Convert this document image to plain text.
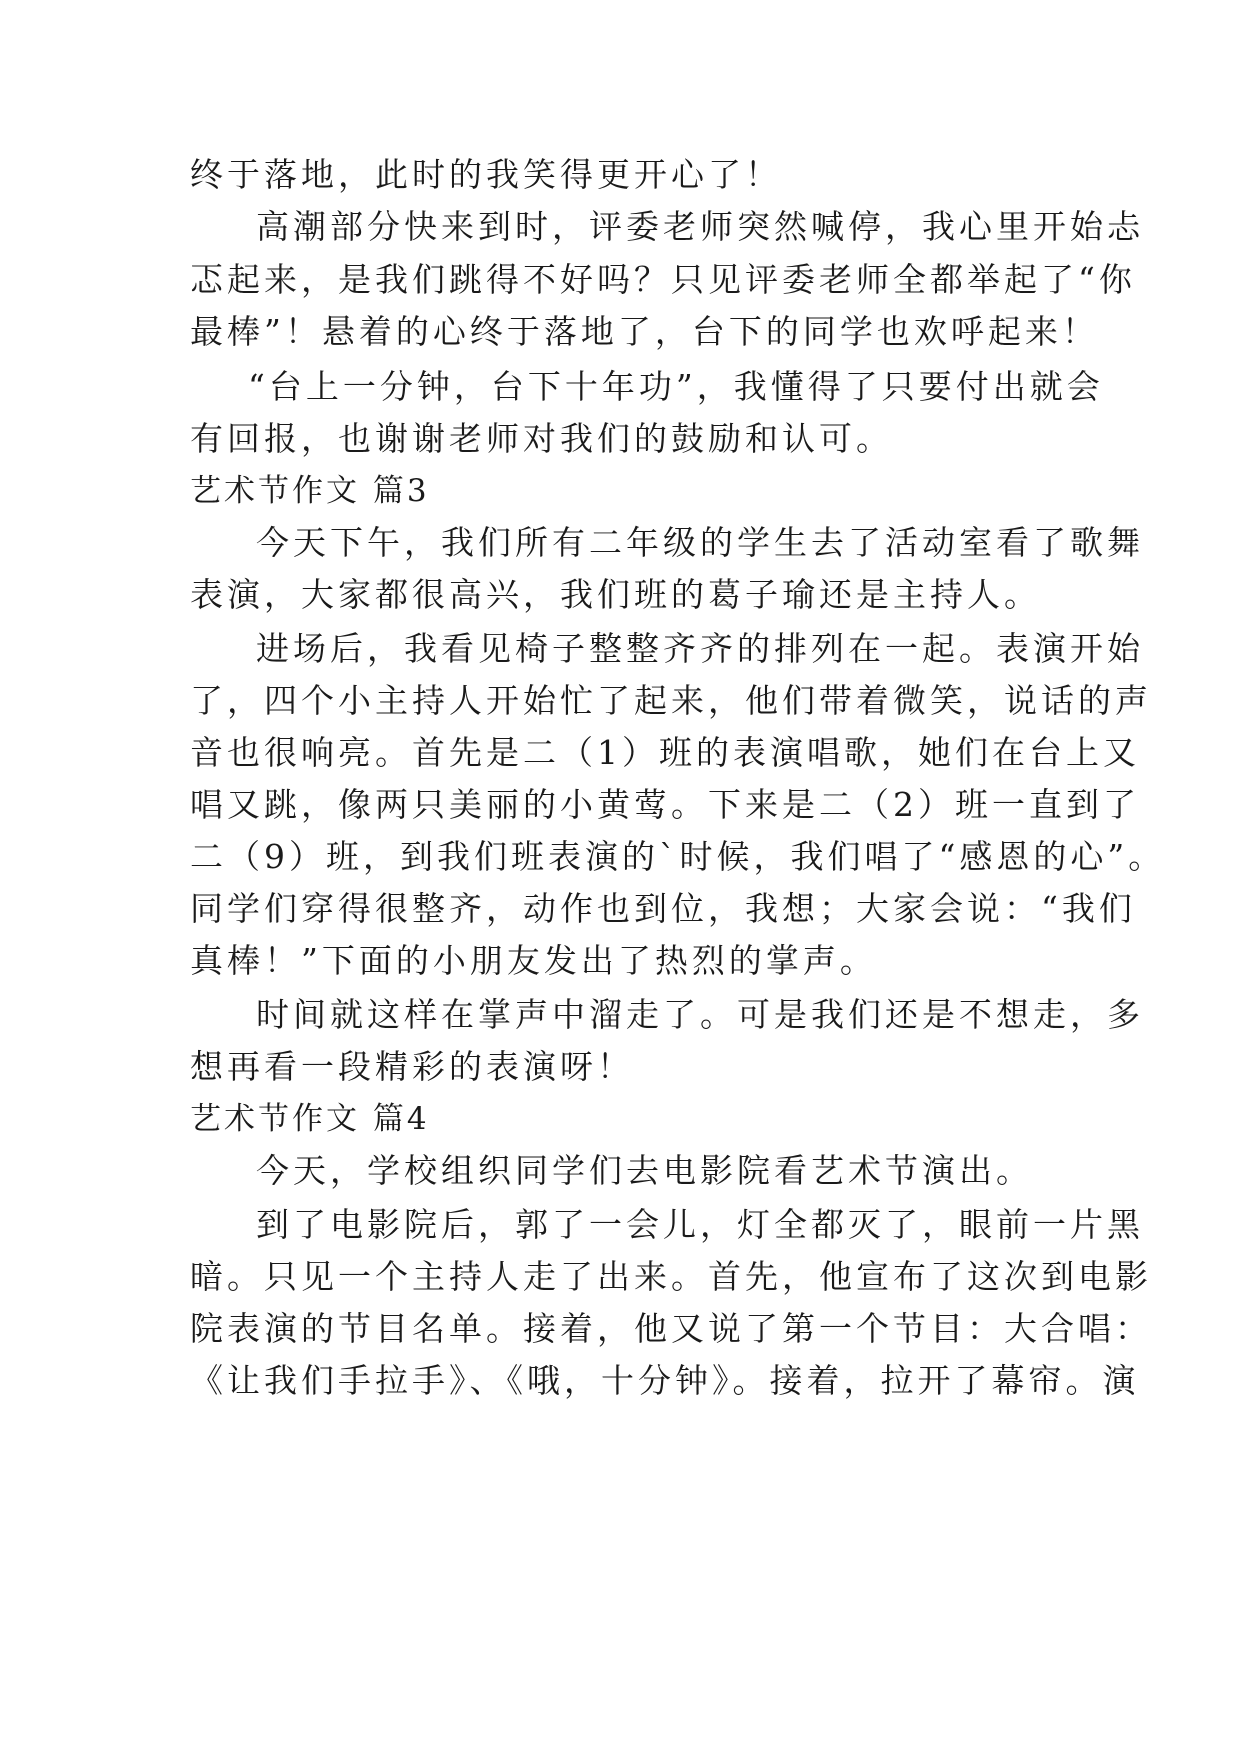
终于落地，此时的我笑得更开心了！
高潮部分快来到时，评委老师突然喊停，我心里开始忐
忑起来，是我们跳得不好吗？只见评委老师全都举起了“你
最棒”！悬着的心终于落地了，台下的同学也欢呼起来！
“台上一分钟，台下十年功”，我懂得了只要付出就会
有回报，也谢谢老师对我们的鼓励和认可。
艺术节作文 篇3
今天下午，我们所有二年级的学生去了活动室看了歌舞
表演，大家都很高兴，我们班的葛子瑜还是主持人。
进场后，我看见椅子整整齐齐的排列在一起。表演开始
了，四个小主持人开始忙了起来，他们带着微笑，说话的声
音也很响亮。首先是二（1）班的表演唱歌，她们在台上又
唱又跳，像两只美丽的小黄莺。下来是二（2）班一直到了
二（9）班，到我们班表演的`时候，我们唱了“感恩的心”。
同学们穿得很整齐，动作也到位，我想；大家会说：“我们
真棒！”下面的小朋友发出了热烈的掌声。
时间就这样在掌声中溜走了。可是我们还是不想走，多
想再看一段精彩的表演呀！
艺术节作文 篇4
今天，学校组织同学们去电影院看艺术节演出。
到了电影院后，郭了一会儿，灯全都灭了，眼前一片黑
暗。只见一个主持人走了出来。首先，他宣布了这次到电影
院表演的节目名单。接着，他又说了第一个节目：大合唱：
《让我们手拉手》、《哦，十分钟》。接着，拉开了幕帘。演
